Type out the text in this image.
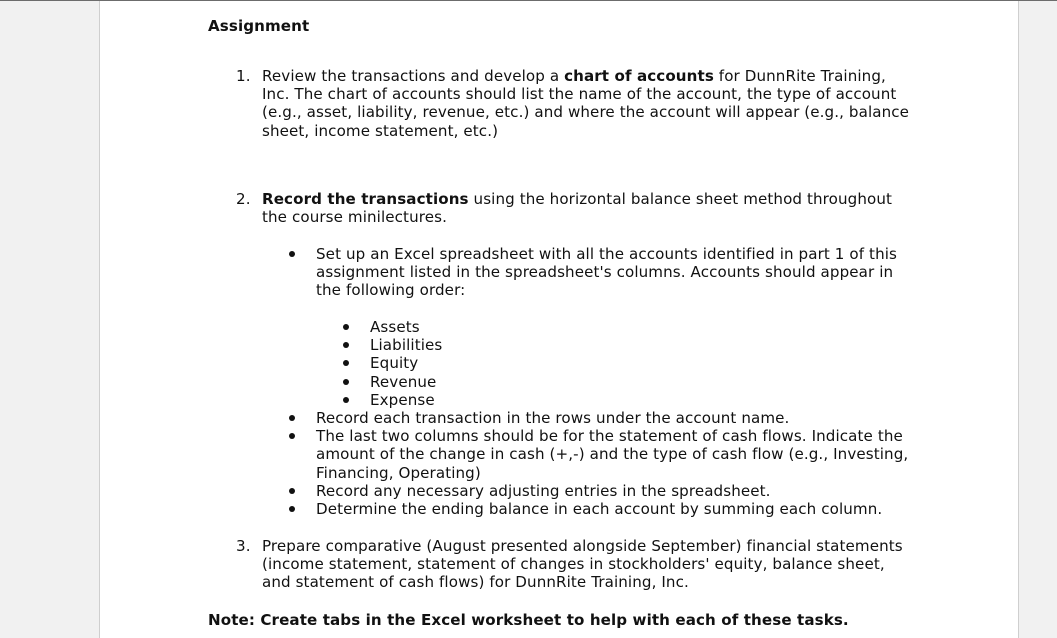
Assignment
1. Review the transactions and develop a chart of accounts for DunnRite Training, Inc. The chart of accounts should list the name of the account, the type of account (e.g., asset, liability, revenue, etc.) and where the account will appear (e.g., balance sheet, income statement, etc.)
2. Record the transactions using the horizontal balance sheet method throughout the course minilectures.
Set up an Excel spreadsheet with all the accounts identified in part 1 of this assignment listed in the spreadsheet's columns. Accounts should appear in the following order:
Assets
Liabilities
Equity
Revenue
Expense
Record each transaction in the rows under the account name.
The last two columns should be for the statement of cash flows. Indicate the amount of the change in cash (+,-) and the type of cash flow (e.g., Investing, Financing, Operating)
Record any necessary adjusting entries in the spreadsheet.
Determine the ending balance in each account by summing each column.
3. Prepare comparative (August presented alongside September) financial statements (income statement, statement of changes in stockholders' equity, balance sheet, and statement of cash flows) for DunnRite Training, Inc.
Note: Create tabs in the Excel worksheet to help with each of these tasks.
